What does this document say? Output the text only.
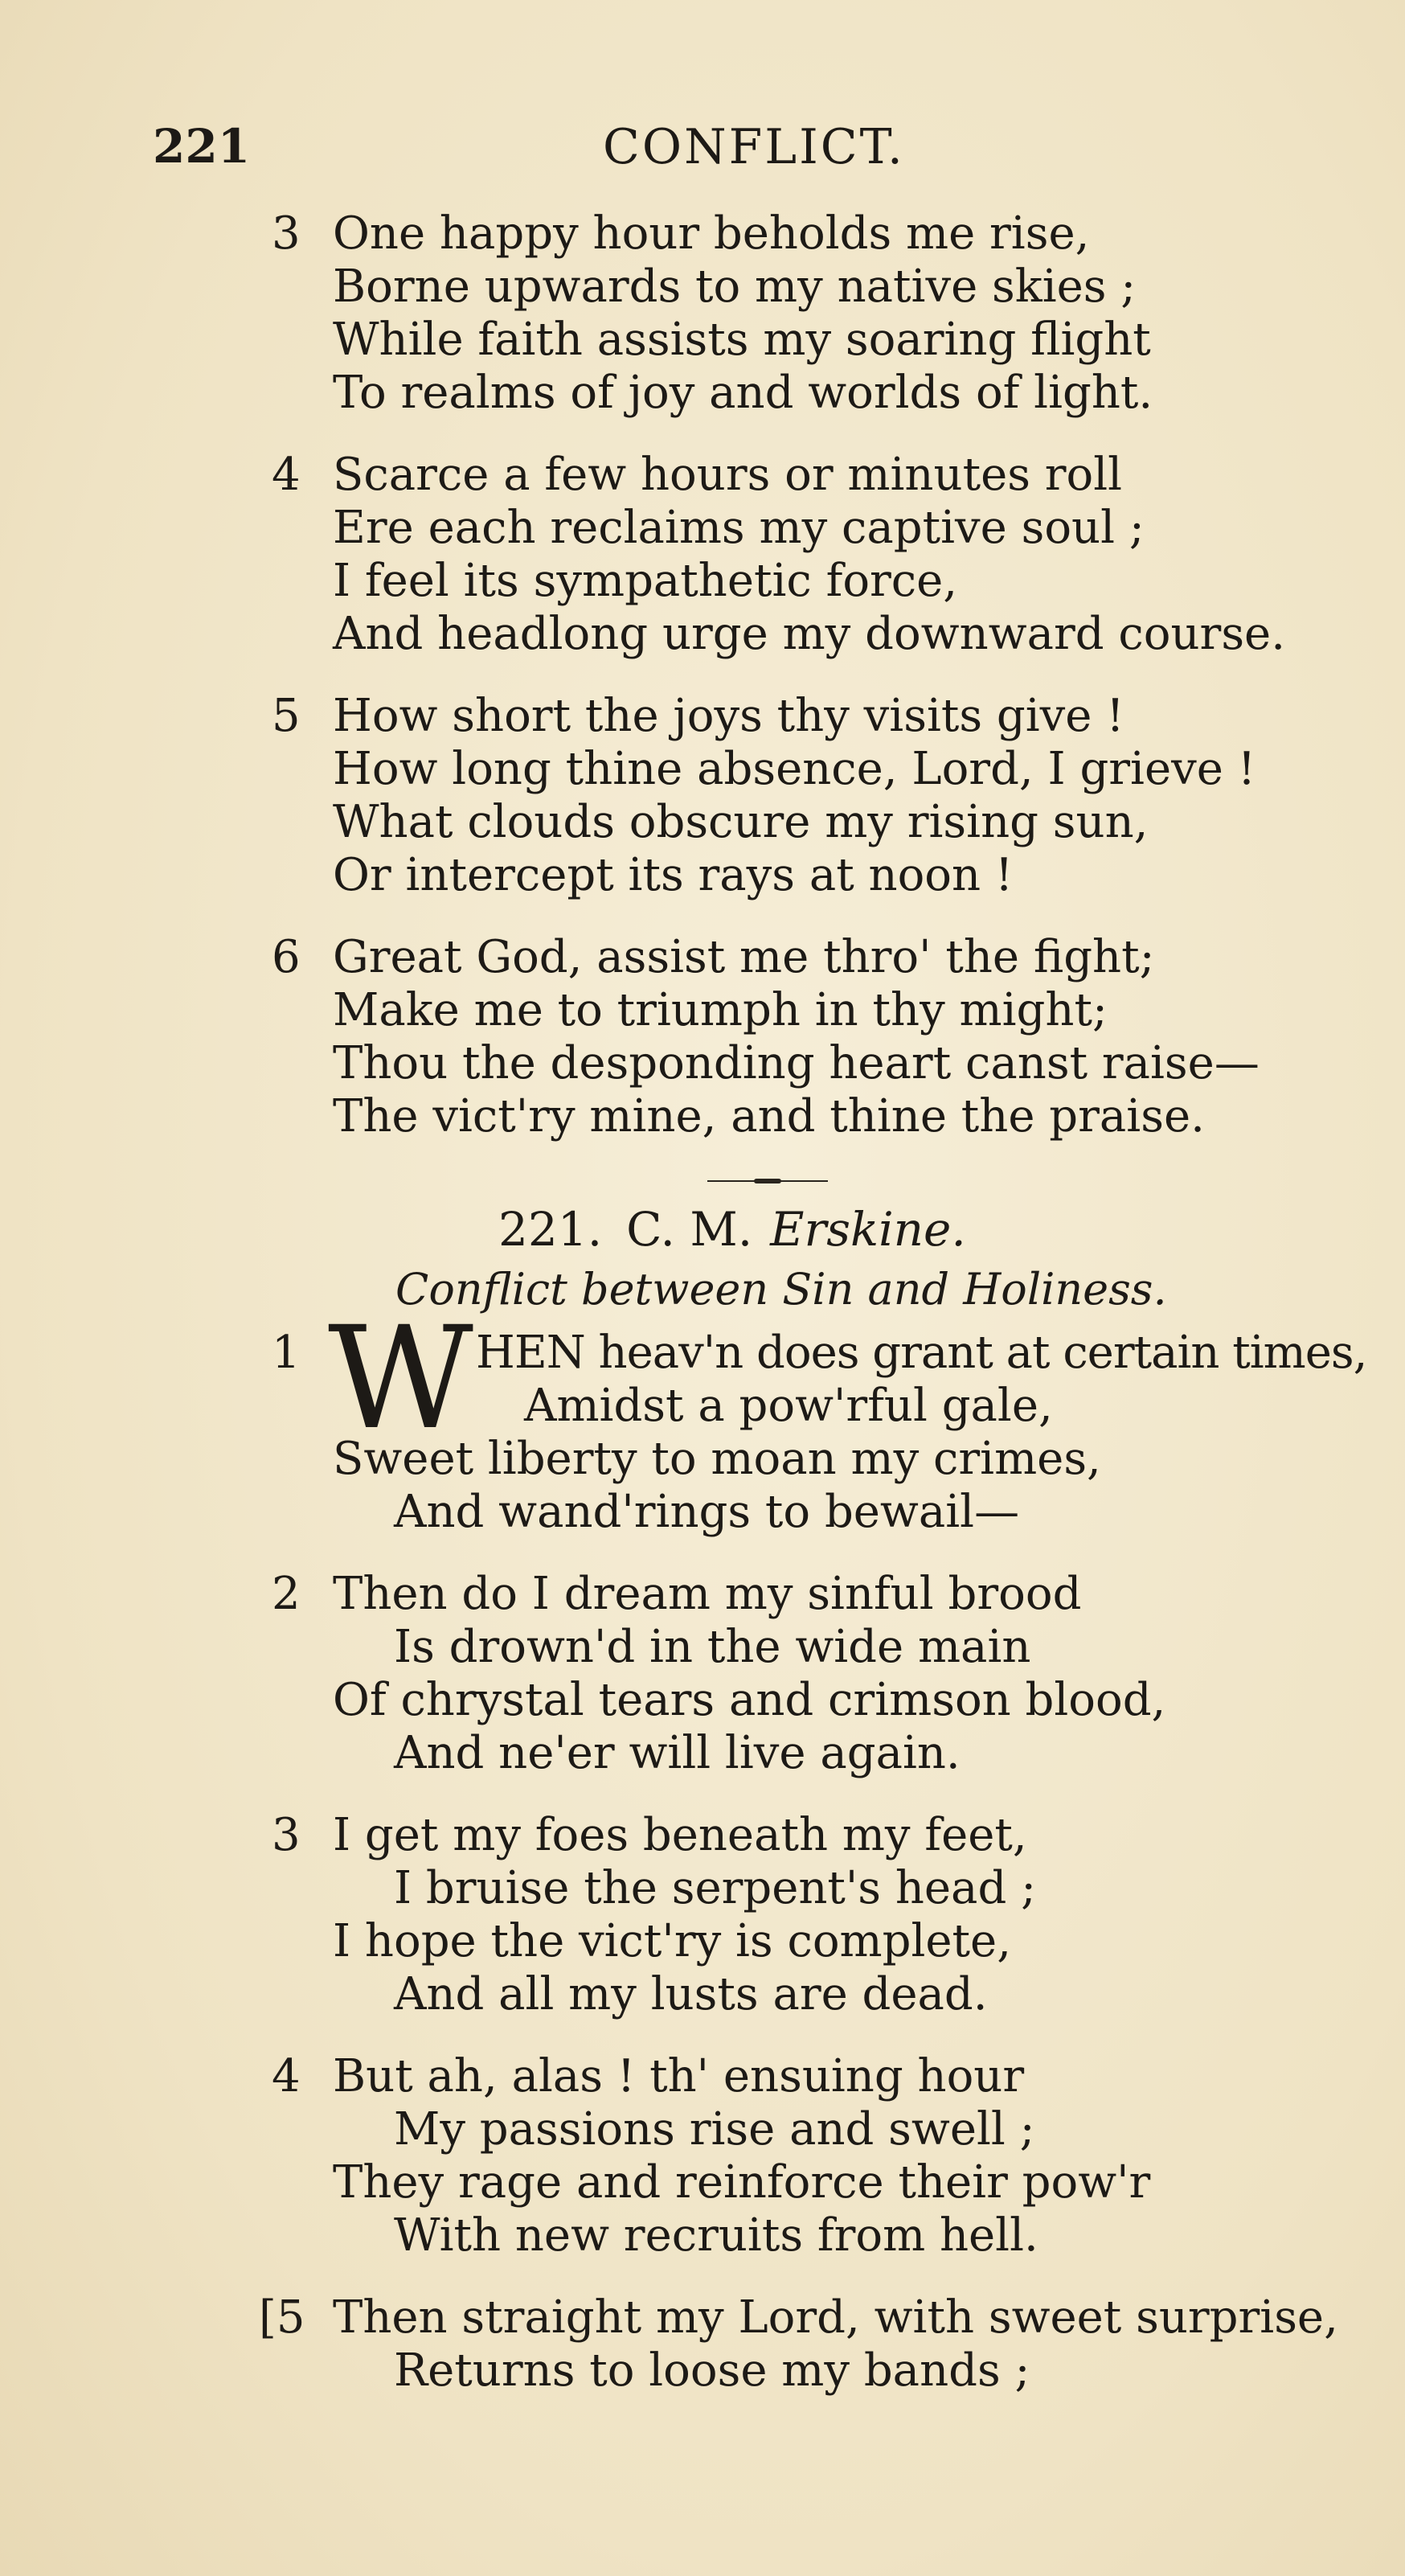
221	CONFLICT.
3 One happy hour beholds me rise,
Borne upwards to my native skies ;
While faith assists my soaring flight
To realms of joy and worlds of light.
4 Scarce a few hours or minutes roll
Ere each reclaims my captive soul ;
I feel its sympathetic force,
And headlong urge my downward course.
5 How short the joys thy visits give !
How long thine absence, Lord, I grieve !
What clouds obscure my rising sun,
Or intercept its rays at noon !
6 Great God, assist me thro' the fight;
Make me to triumph in thy might;
Thou the desponding heart canst raise—
The vict'ry mine, and thine the praise.
221. C. M. Erskine.
Conflict between Sin and Holiness.
1 W HEN heav'n does grant at certain times,
Amidst a pow'rful gale,
Sweet liberty to moan my crimes,
And wand'rings to bewail—
2 Then do I dream my sinful brood
Is drown'd in the wide main
Of chrystal tears and crimson blood,
And ne'er will live again.
3 I get my foes beneath my feet,
I bruise the serpent's head ;
I hope the vict'ry is complete,
And all my lusts are dead.
4 But ah, alas ! th' ensuing hour
My passions rise and swell ;
They rage and reinforce their pow'r
With new recruits from hell.
[5 Then straight my Lord, with sweet surprise,
Returns to loose my bands ;
